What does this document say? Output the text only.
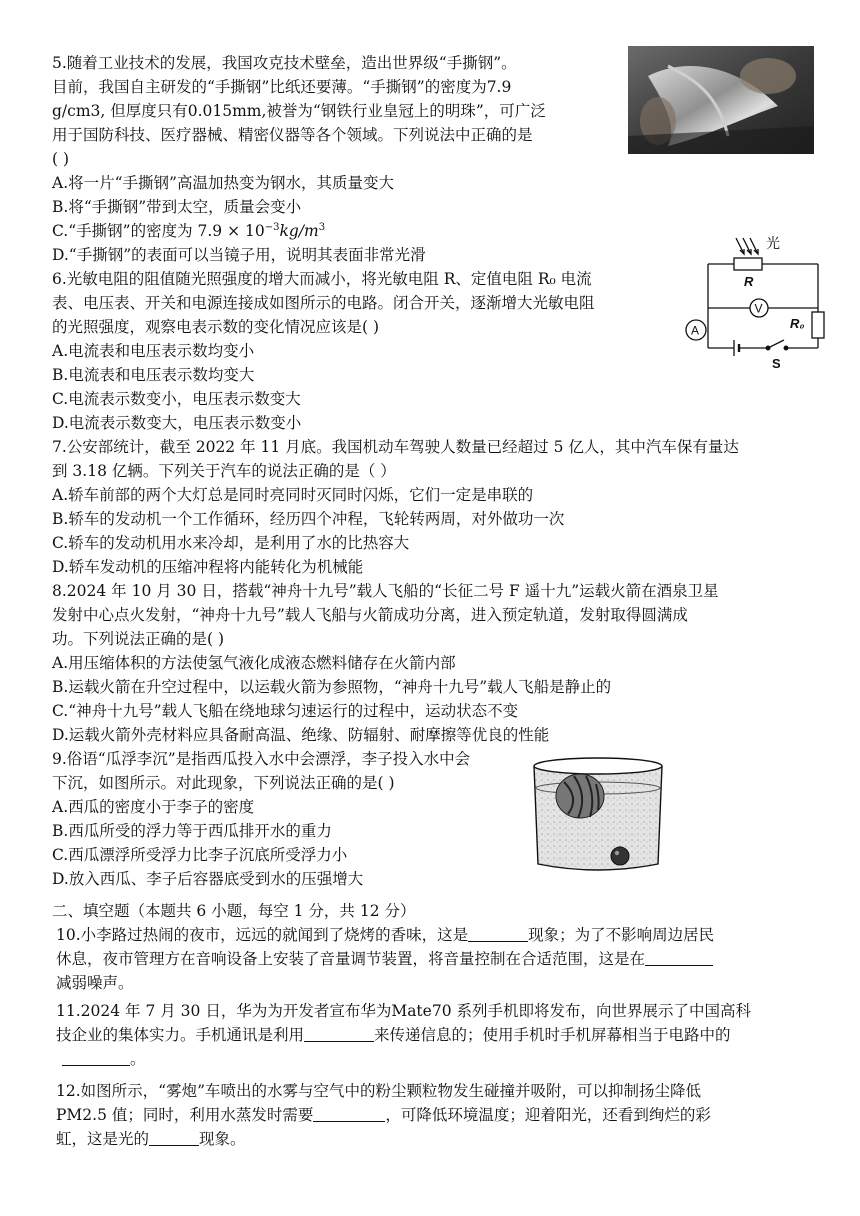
5.随着工业技术的发展，我国攻克技术壁垒，造出世界级“手撕钢”。
目前，我国自主研发的“手撕钢”比纸还要薄。“手撕钢”的密度为7.9
g/cm3, 但厚度只有0.015mm,被誉为“钢铁行业皇冠上的明珠”，可广泛
用于国防科技、医疗器械、精密仪器等各个领域。下列说法中正确的是
( )
A.将一片“手撕钢”高温加热变为钢水，其质量变大
B.将“手撕钢”带到太空，质量会变小
C.“手撕钢”的密度为 $7.9 \times 10^{-3}kg/m^3$
D.“手撕钢”的表面可以当镜子用，说明其表面非常光滑
6.光敏电阻的阻值随光照强度的增大而减小，将光敏电阻 R、定值电阻 R₀ 电流
表、电压表、开关和电源连接成如图所示的电路。闭合开关，逐渐增大光敏电阻
的光照强度，观察电表示数的变化情况应该是( )
A.电流表和电压表示数均变小
B.电流表和电压表示数均变大
C.电流表示数变小，电压表示数变大
D.电流表示数变大，电压表示数变小
光
R
V
A	R₀
S
7.公安部统计，截至 2022 年 11 月底。我国机动车驾驶人数量已经超过 5 亿人，其中汽车保有量达
到 3.18 亿辆。下列关于汽车的说法正确的是（ ）
A.轿车前部的两个大灯总是同时亮同时灭同时闪烁，它们一定是串联的
B.轿车的发动机一个工作循环，经历四个冲程，飞轮转两周，对外做功一次
C.轿车的发动机用水来冷却，是利用了水的比热容大
D.轿车发动机的压缩冲程将内能转化为机械能
8.2024 年 10 月 30 日，搭载“神舟十九号”载人飞船的“长征二号 F 遥十九”运载火箭在酒泉卫星
发射中心点火发射，“神舟十九号”载人飞船与火箭成功分离，进入预定轨道，发射取得圆满成
功。下列说法正确的是( )
A.用压缩体积的方法使氢气液化成液态燃料储存在火箭内部
B.运载火箭在升空过程中，以运载火箭为参照物，“神舟十九号”载人飞船是静止的
C.“神舟十九号”载人飞船在绕地球匀速运行的过程中，运动状态不变
D.运载火箭外壳材料应具备耐高温、绝缘、防辐射、耐摩擦等优良的性能
9.俗语“瓜浮李沉”是指西瓜投入水中会漂浮，李子投入水中会
下沉，如图所示。对此现象，下列说法正确的是( )
A.西瓜的密度小于李子的密度
B.西瓜所受的浮力等于西瓜排开水的重力
C.西瓜漂浮所受浮力比李子沉底所受浮力小
D.放入西瓜、李子后容器底受到水的压强增大
二、填空题（本题共 6 小题，每空 1 分，共 12 分）
10.小李路过热闹的夜市，远远的就闻到了烧烤的香味，这是	现象；为了不影响周边居民
休息，夜市管理方在音响设备上安装了音量调节装置，将音量控制在合适范围，这是在
减弱噪声。
11.2024 年 7 月 30 日，华为为开发者宣布华为Mate70 系列手机即将发布，向世界展示了中国高科
技企业的集体实力。手机通讯是利用	来传递信息的；使用手机时手机屏幕相当于电路中的
。
12.如图所示，“雾炮”车喷出的水雾与空气中的粉尘颗粒物发生碰撞并吸附，可以抑制扬尘降低
PM2.5 值；同时，利用水蒸发时需要	，可降低环境温度；迎着阳光，还看到绚烂的彩
虹，这是光的	现象。
